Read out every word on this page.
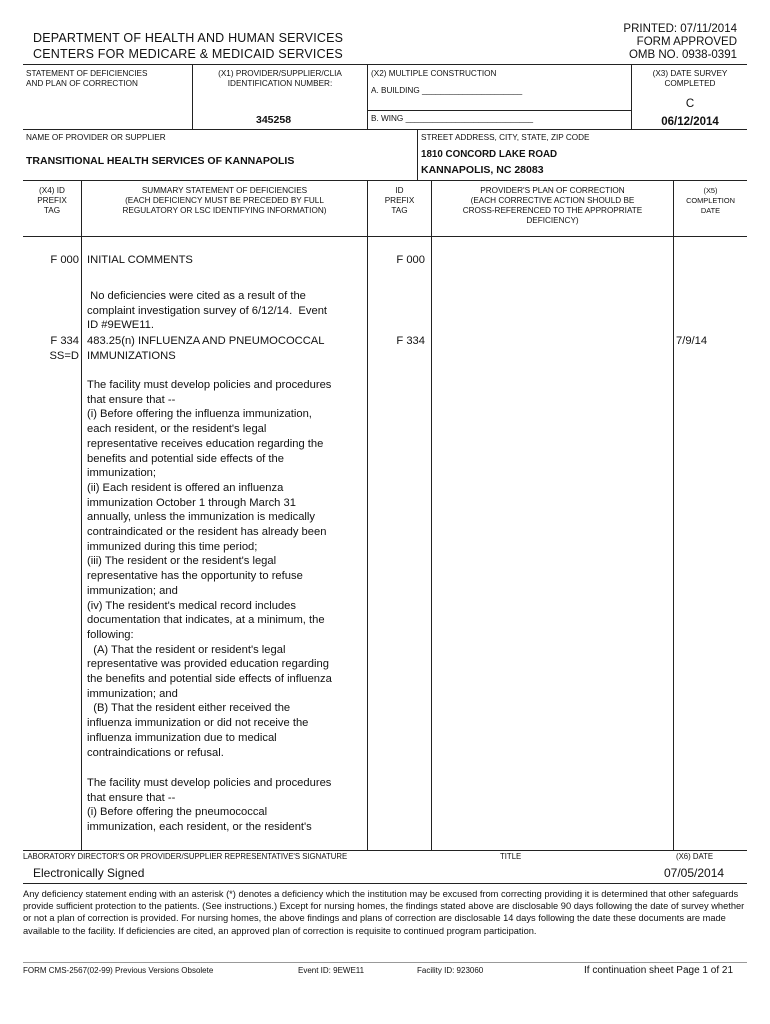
DEPARTMENT OF HEALTH AND HUMAN SERVICES
CENTERS FOR MEDICARE & MEDICAID SERVICES
PRINTED: 07/11/2014
FORM APPROVED
OMB NO. 0938-0391
STATEMENT OF DEFICIENCIES
AND PLAN OF CORRECTION
(X1) PROVIDER/SUPPLIER/CLIA
IDENTIFICATION NUMBER:
345258
(X2) MULTIPLE CONSTRUCTION
A. BUILDING ______________________
B. WING ____________________________
(X3) DATE SURVEY
COMPLETED
C
06/12/2014
NAME OF PROVIDER OR SUPPLIER
TRANSITIONAL HEALTH SERVICES OF KANNAPOLIS
STREET ADDRESS, CITY, STATE, ZIP CODE
1810 CONCORD LAKE ROAD
KANNAPOLIS, NC 28083
(X4) ID
PREFIX
TAG
SUMMARY STATEMENT OF DEFICIENCIES
(EACH DEFICIENCY MUST BE PRECEDED BY FULL
REGULATORY OR LSC IDENTIFYING INFORMATION)
ID
PREFIX
TAG
PROVIDER'S PLAN OF CORRECTION
(EACH CORRECTIVE ACTION SHOULD BE
CROSS-REFERENCED TO THE APPROPRIATE
DEFICIENCY)
(X5)
COMPLETION
DATE
F 000 INITIAL COMMENTS	F 000
No deficiencies were cited as a result of the
complaint investigation survey of 6/12/14.  Event
ID #9EWE11.
F 334
SS=D
483.25(n) INFLUENZA AND PNEUMOCOCCAL
IMMUNIZATIONS
F 334	7/9/14
The facility must develop policies and procedures
that ensure that --
(i) Before offering the influenza immunization,
each resident, or the resident's legal
representative receives education regarding the
benefits and potential side effects of the
immunization;
(ii) Each resident is offered an influenza
immunization October 1 through March 31
annually, unless the immunization is medically
contraindicated or the resident has already been
immunized during this time period;
(iii) The resident or the resident's legal
representative has the opportunity to refuse
immunization; and
(iv) The resident's medical record includes
documentation that indicates, at a minimum, the
following:
(A) That the resident or resident's legal
representative was provided education regarding
the benefits and potential side effects of influenza
immunization; and
(B) That the resident either received the
influenza immunization or did not receive the
influenza immunization due to medical
contraindications or refusal.
The facility must develop policies and procedures
that ensure that --
(i) Before offering the pneumococcal
immunization, each resident, or the resident's
LABORATORY DIRECTOR'S OR PROVIDER/SUPPLIER REPRESENTATIVE'S SIGNATURE	TITLE	(X6) DATE
Electronically Signed	07/05/2014
Any deficiency statement ending with an asterisk (*) denotes a deficiency which the institution may be excused from correcting providing it is determined that other safeguards provide sufficient protection to the patients. (See instructions.) Except for nursing homes, the findings stated above are disclosable 90 days following the date of survey whether or not a plan of correction is provided. For nursing homes, the above findings and plans of correction are disclosable 14 days following the date these documents are made available to the facility. If deficiencies are cited, an approved plan of correction is requisite to continued program participation.
FORM CMS-2567(02-99) Previous Versions Obsolete	Event ID: 9EWE11	Facility ID: 923060	If continuation sheet Page 1 of 21
